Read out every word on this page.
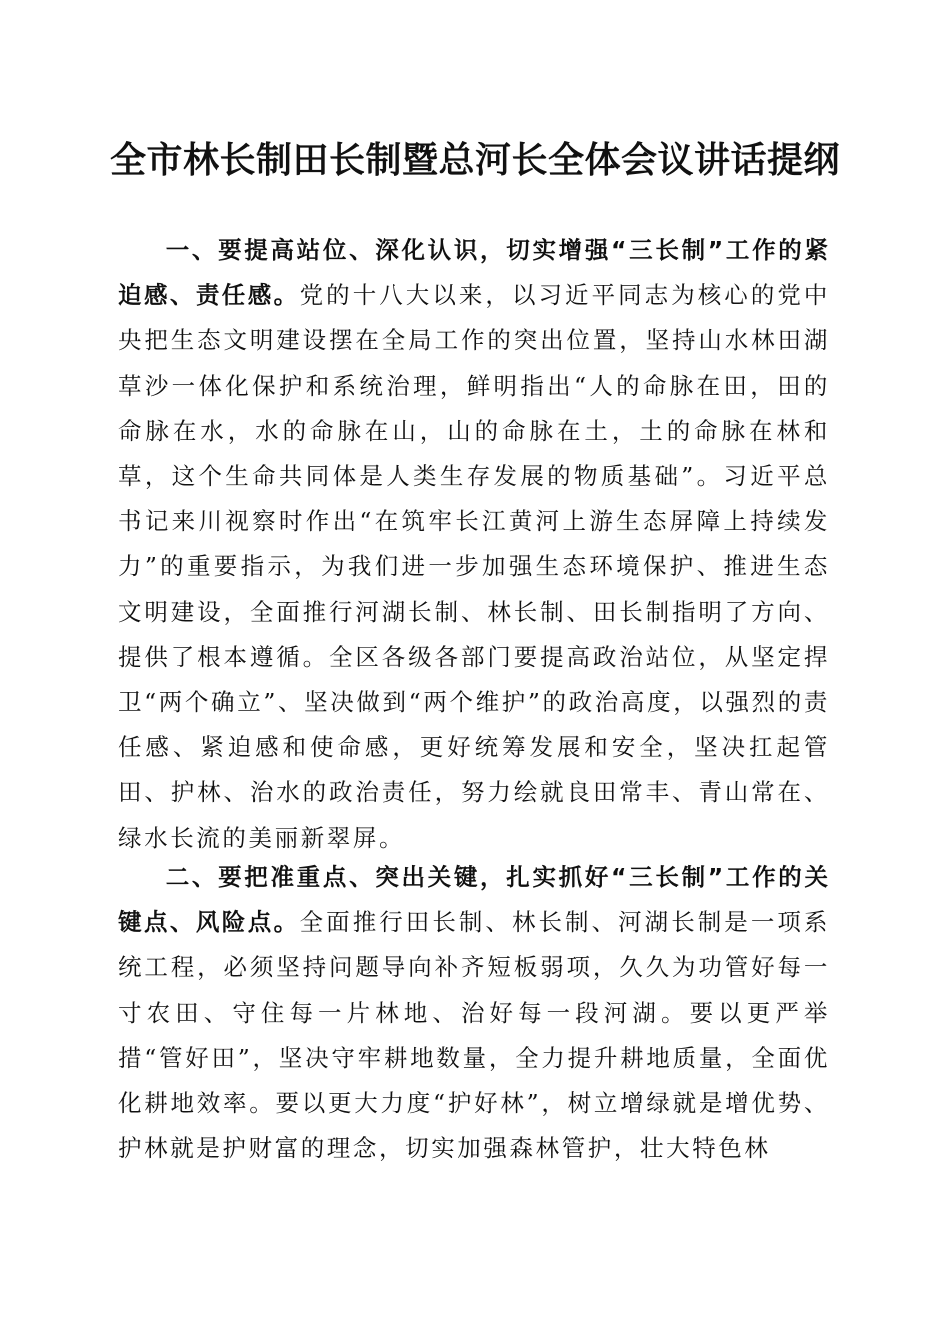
全市林长制田长制暨总河长全体会议讲话提纲

一、要提高站位、深化认识，切实增强“三长制”工作的紧迫感、责任感。党的十八大以来，以习近平同志为核心的党中央把生态文明建设摆在全局工作的突出位置，坚持山水林田湖草沙一体化保护和系统治理，鲜明指出“人的命脉在田，田的命脉在水，水的命脉在山，山的命脉在土，土的命脉在林和草，这个生命共同体是人类生存发展的物质基础”。习近平总书记来川视察时作出“在筑牢长江黄河上游生态屏障上持续发力”的重要指示，为我们进一步加强生态环境保护、推进生态文明建设，全面推行河湖长制、林长制、田长制指明了方向、提供了根本遵循。全区各级各部门要提高政治站位，从坚定捍卫“两个确立”、坚决做到“两个维护”的政治高度，以强烈的责任感、紧迫感和使命感，更好统筹发展和安全，坚决扛起管田、护林、治水的政治责任，努力绘就良田常丰、青山常在、绿水长流的美丽新翠屏。

二、要把准重点、突出关键，扎实抓好“三长制”工作的关键点、风险点。全面推行田长制、林长制、河湖长制是一项系统工程，必须坚持问题导向补齐短板弱项，久久为功管好每一寸农田、守住每一片林地、治好每一段河湖。要以更严举措“管好田”，坚决守牢耕地数量，全力提升耕地质量，全面优化耕地效率。要以更大力度“护好林”，树立增绿就是增优势、护林就是护财富的理念，切实加强森林管护，壮大特色林
